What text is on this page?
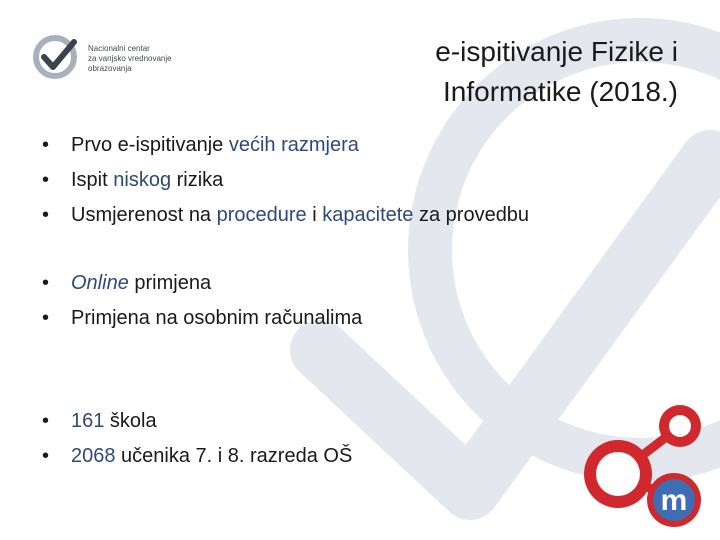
Nacionalni centar
za vanjsko vrednovanje
obrazovanja
e-ispitivanje Fizike i
Informatike (2018.)
• Prvo e-ispitivanje većih razmjera
• Ispit niskog rizika
• Usmjerenost na procedure i kapacitete za provedbu
• Online primjena
• Primjena na osobnim računalima
• 161 škola
• 2068 učenika 7. i 8. razreda OŠ
m
